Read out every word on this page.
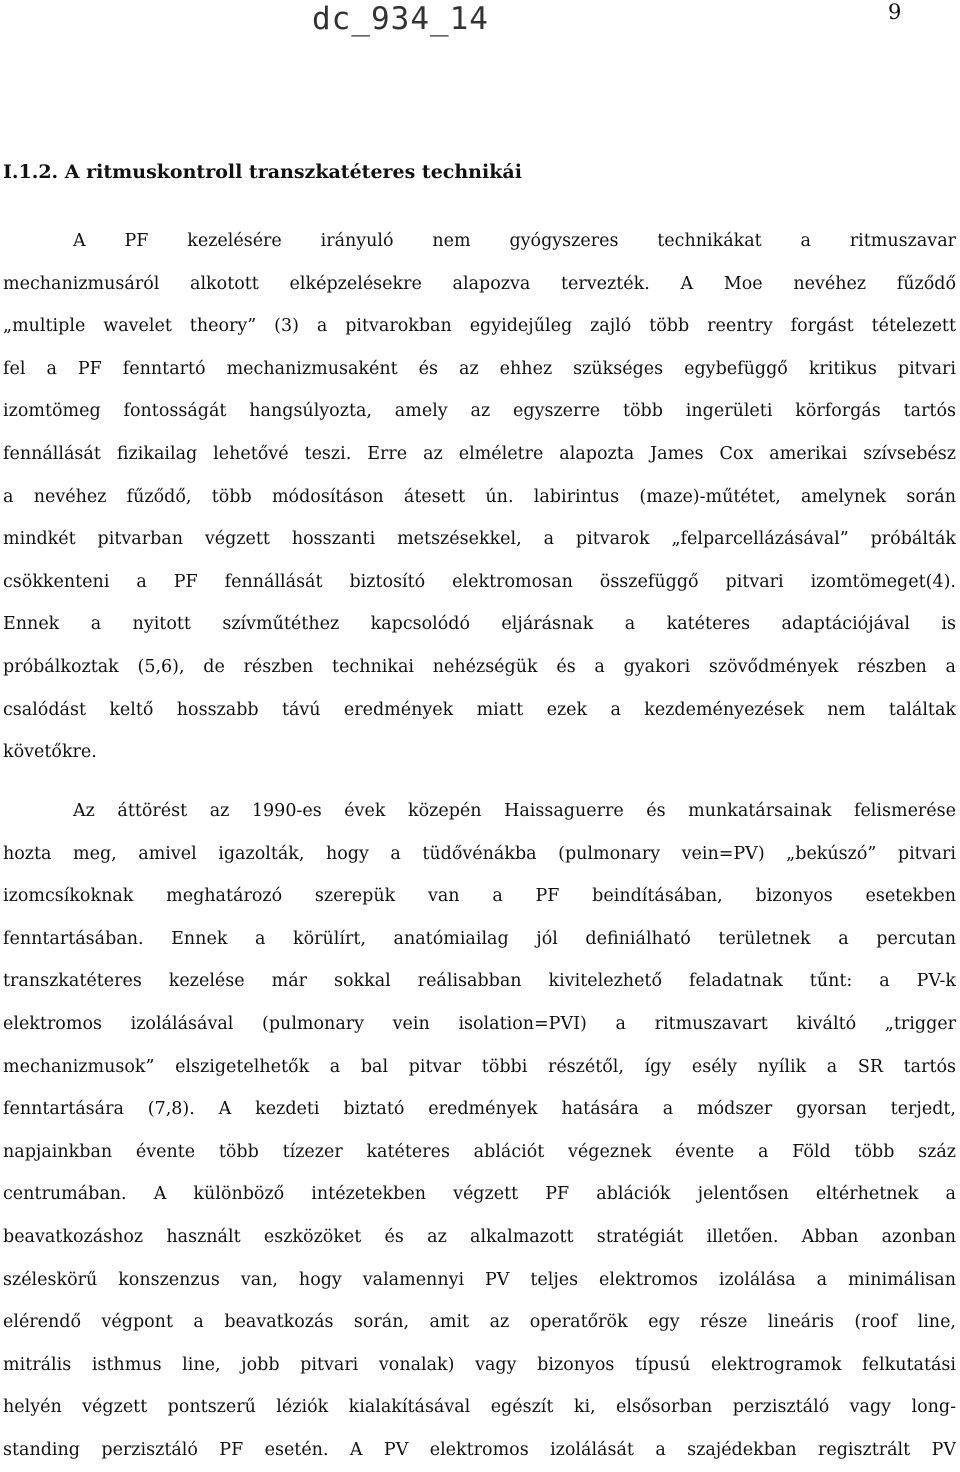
dc_934_14	9
I.1.2. A ritmuskontroll transzkatéteres technikái
A PF kezelésére irányuló nem gyógyszeres technikákat a ritmuszavar
mechanizmusáról alkotott elképzelésekre alapozva tervezték. A Moe nevéhez fűződő
„multiple wavelet theory” (3) a pitvarokban egyidejűleg zajló több reentry forgást tételezett
fel a PF fenntartó mechanizmusaként és az ehhez szükséges egybefüggő kritikus pitvari
izomtömeg fontosságát hangsúlyozta, amely az egyszerre több ingerületi körforgás tartós
fennállását fizikailag lehetővé teszi. Erre az elméletre alapozta James Cox amerikai szívsebész
a nevéhez fűződő, több módosításon átesett ún. labirintus (maze)-műtétet, amelynek során
mindkét pitvarban végzett hosszanti metszésekkel, a pitvarok „felparcellázásával” próbálták
csökkenteni a PF fennállását biztosító elektromosan összefüggő pitvari izomtömeget(4).
Ennek a nyitott szívműtéthez kapcsolódó eljárásnak a katéteres adaptációjával is
próbálkoztak (5,6), de részben technikai nehézségük és a gyakori szövődmények részben a
csalódást keltő hosszabb távú eredmények miatt ezek a kezdeményezések nem találtak
követőkre.
Az áttörést az 1990-es évek közepén Haissaguerre és munkatársainak felismerése
hozta meg, amivel igazolták, hogy a tüdővénákba (pulmonary vein=PV) „bekúszó” pitvari
izomcsíkoknak meghatározó szerepük van a PF beindításában, bizonyos esetekben
fenntartásában. Ennek a körülírt, anatómiailag jól definiálható területnek a percutan
transzkatéteres kezelése már sokkal reálisabban kivitelezhető feladatnak tűnt: a PV-k
elektromos izolálásával (pulmonary vein isolation=PVI) a ritmuszavart kiváltó „trigger
mechanizmusok” elszigetelhetők a bal pitvar többi részétől, így esély nyílik a SR tartós
fenntartására (7,8). A kezdeti biztató eredmények hatására a módszer gyorsan terjedt,
napjainkban évente több tízezer katéteres ablációt végeznek évente a Föld több száz
centrumában. A különböző intézetekben végzett PF ablációk jelentősen eltérhetnek a
beavatkozáshoz használt eszközöket és az alkalmazott stratégiát illetően. Abban azonban
széleskörű konszenzus van, hogy valamennyi PV teljes elektromos izolálása a minimálisan
elérendő végpont a beavatkozás során, amit az operatőrök egy része lineáris (roof line,
mitrális isthmus line, jobb pitvari vonalak) vagy bizonyos típusú elektrogramok felkutatási
helyén végzett pontszerű léziók kialakításával egészít ki, elsősorban perzisztáló vagy long-
standing perzisztáló PF esetén. A PV elektromos izolálását a szajédekban regisztrált PV
